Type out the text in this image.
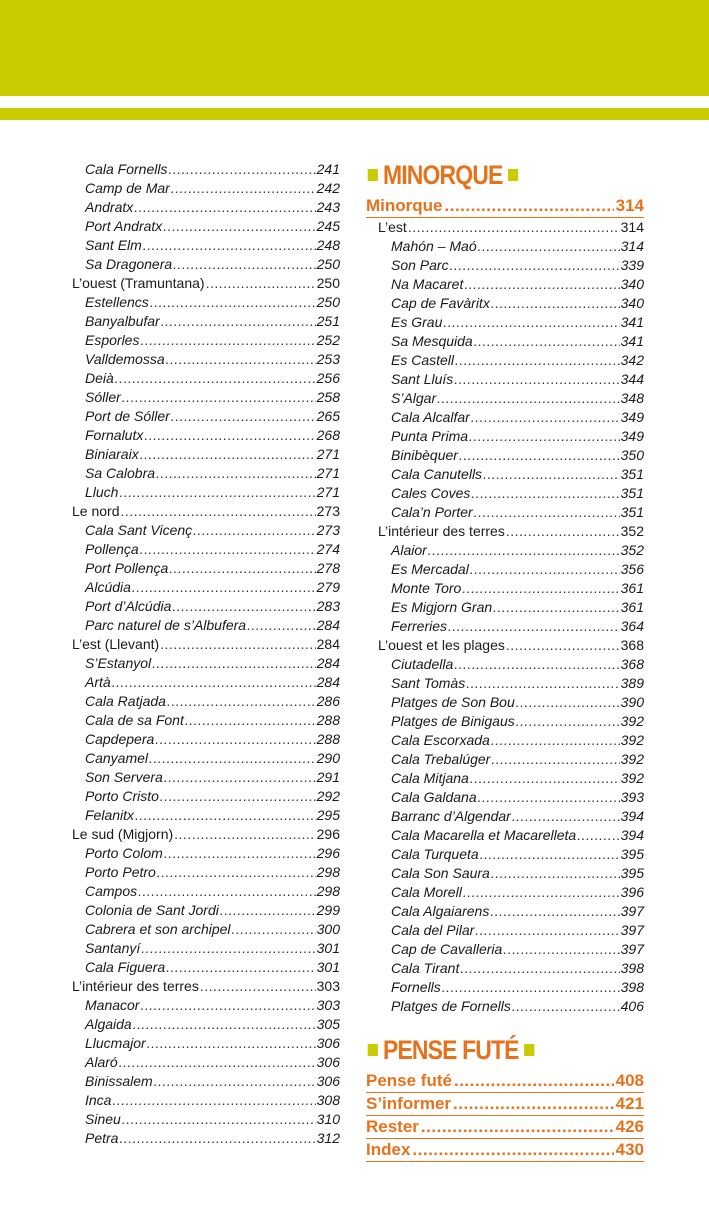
Cala Fornells .....	241
Camp de Mar .....	242
Andratx .....	243
Port Andratx .....	245
Sant Elm .....	248
Sa Dragonera .....	250
L’ouest (Tramuntana) .....	250
Estellencs .....	250
Banyalbufar .....	251
Esporles .....	252
Valldemossa .....	253
Deià .....	256
Sóller .....	258
Port de Sóller .....	265
Fornalutx .....	268
Biniaraix .....	271
Sa Calobra .....	271
Lluch .....	271
Le nord .....	273
Cala Sant Vicenç .....	273
Pollença .....	274
Port Pollença .....	278
Alcúdia .....	279
Port d’Alcúdia .....	283
Parc naturel de s’Albufera .....	284
L’est (Llevant) .....	284
S’Estanyol .....	284
Artà .....	284
Cala Ratjada .....	286
Cala de sa Font .....	288
Capdepera .....	288
Canyamel .....	290
Son Servera .....	291
Porto Cristo .....	292
Felanitx .....	295
Le sud (Migjorn) .....	296
Porto Colom .....	296
Porto Petro .....	298
Campos .....	298
Colonia de Sant Jordi .....	299
Cabrera et son archipel .....	300
Santanyí .....	301
Cala Figuera .....	301
L’intérieur des terres .....	303
Manacor .....	303
Algaida .....	305
Llucmajor .....	306
Alaró .....	306
Binissalem .....	306
Inca .....	308
Sineu .....	310
Petra .....	312
MINORQUE
Minorque .....	314
L’est .....	314
Mahón – Maó .....	314
Son Parc .....	339
Na Macaret .....	340
Cap de Favàritx .....	340
Es Grau .....	341
Sa Mesquida .....	341
Es Castell .....	342
Sant Lluís .....	344
S’Algar .....	348
Cala Alcalfar .....	349
Punta Prima .....	349
Binibèquer .....	350
Cala Canutells .....	351
Cales Coves .....	351
Cala’n Porter .....	351
L’intérieur des terres .....	352
Alaior .....	352
Es Mercadal .....	356
Monte Toro .....	361
Es Migjorn Gran .....	361
Ferreries .....	364
L’ouest et les plages .....	368
Ciutadella .....	368
Sant Tomàs .....	389
Platges de Son Bou .....	390
Platges de Binigaus .....	392
Cala Escorxada .....	392
Cala Trebalúger .....	392
Cala Mitjana .....	392
Cala Galdana .....	393
Barranc d’Algendar .....	394
Cala Macarella et Macarelleta .....	394
Cala Turqueta .....	395
Cala Son Saura .....	395
Cala Morell .....	396
Cala Algaiarens .....	397
Cala del Pilar .....	397
Cap de Cavalleria .....	397
Cala Tirant .....	398
Fornells .....	398
Platges de Fornells .....	406
PENSE FUTÉ
Pense futé .....	408
S’informer .....	421
Rester .....	426
Index .....	430
